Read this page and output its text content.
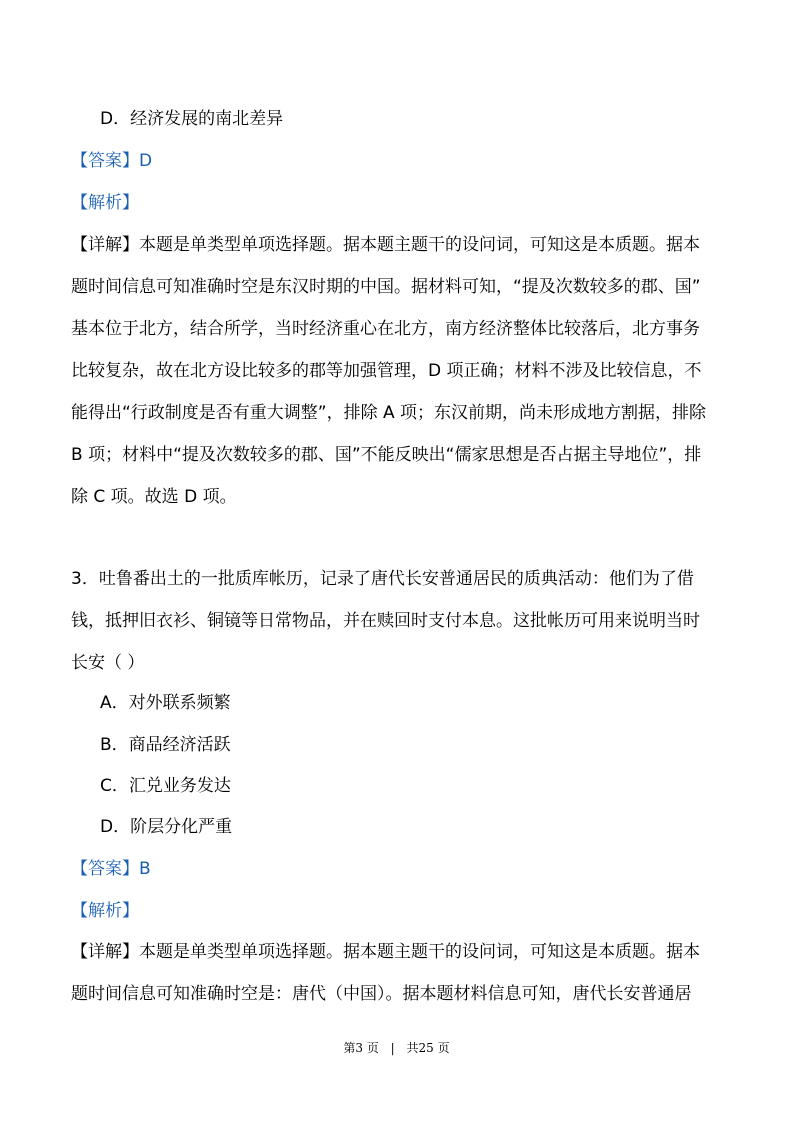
D．经济发展的南北差异
【答案】D
【解析】
【详解】本题是单类型单项选择题。据本题主题干的设问词，可知这是本质题。据本
题时间信息可知准确时空是东汉时期的中国。据材料可知，“提及次数较多的郡、国”
基本位于北方，结合所学，当时经济重心在北方，南方经济整体比较落后，北方事务
比较复杂，故在北方设比较多的郡等加强管理，D 项正确；材料不涉及比较信息，不
能得出“行政制度是否有重大调整”，排除 A 项；东汉前期，尚未形成地方割据，排除
B 项；材料中“提及次数较多的郡、国”不能反映出“儒家思想是否占据主导地位”，排
除 C 项。故选 D 项。
3．吐鲁番出土的一批质库帐历，记录了唐代长安普通居民的质典活动：他们为了借
钱，抵押旧衣衫、铜镜等日常物品，并在赎回时支付本息。这批帐历可用来说明当时
长安（ ）
A．对外联系频繁
B．商品经济活跃
C．汇兑业务发达
D．阶层分化严重
【答案】B
【解析】
【详解】本题是单类型单项选择题。据本题主题干的设问词，可知这是本质题。据本
题时间信息可知准确时空是：唐代（中国）。据本题材料信息可知，唐代长安普通居
第3 页 | 共25 页
